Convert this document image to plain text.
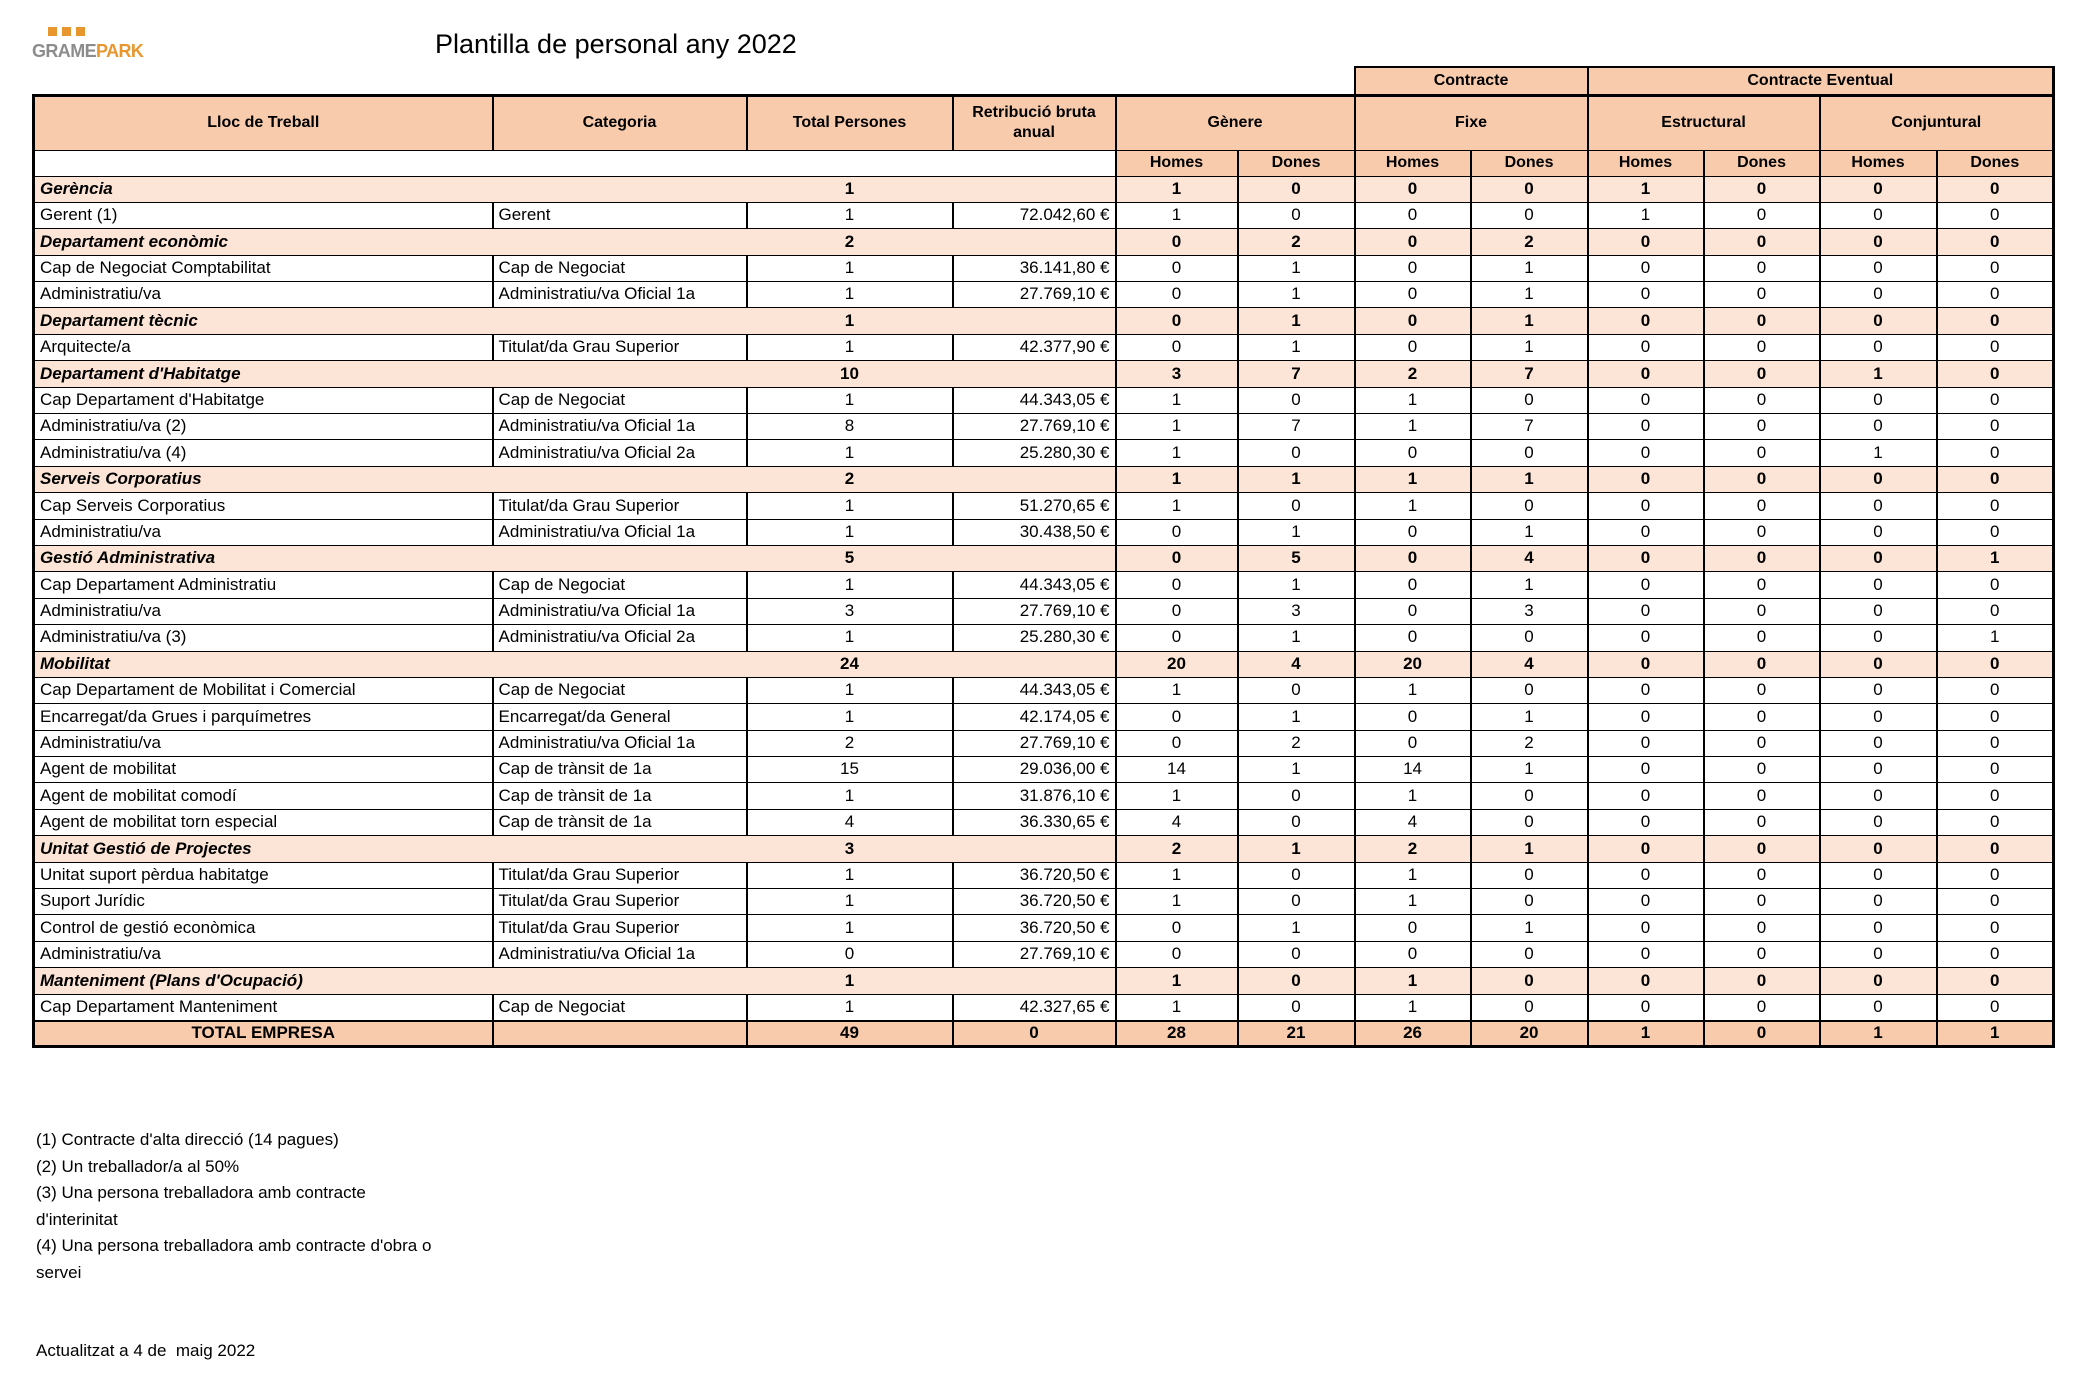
GRAMEPARK	Plantilla de personal any 2022
						Contracte		Contracte Eventual			
Lloc de Treball	Categoria	Total Persones	Retribució bruta anual	Gènere		Fixe		Estructural		Conjuntural	
				Homes	Dones	Homes	Dones	Homes	Dones	Homes	Dones
Gerència		1		1	0	0	0	1	0	0	0
Gerent (1)	Gerent	1	72.042,60 €	1	0	0	0	1	0	0	0
Departament econòmic		2		0	2	0	2	0	0	0	0
Cap de Negociat Comptabilitat	Cap de Negociat	1	36.141,80 €	0	1	0	1	0	0	0	0
Administratiu/va	Administratiu/va Oficial 1a	1	27.769,10 €	0	1	0	1	0	0	0	0
Departament tècnic		1		0	1	0	1	0	0	0	0
Arquitecte/a	Titulat/da Grau Superior	1	42.377,90 €	0	1	0	1	0	0	0	0
Departament d'Habitatge		10		3	7	2	7	0	0	1	0
Cap Departament d'Habitatge	Cap de Negociat	1	44.343,05 €	1	0	1	0	0	0	0	0
Administratiu/va (2)	Administratiu/va Oficial 1a	8	27.769,10 €	1	7	1	7	0	0	0	0
Administratiu/va (4)	Administratiu/va Oficial 2a	1	25.280,30 €	1	0	0	0	0	0	1	0
Serveis Corporatius		2		1	1	1	1	0	0	0	0
Cap Serveis Corporatius	Titulat/da Grau Superior	1	51.270,65 €	1	0	1	0	0	0	0	0
Administratiu/va	Administratiu/va Oficial 1a	1	30.438,50 €	0	1	0	1	0	0	0	0
Gestió Administrativa		5		0	5	0	4	0	0	0	1
Cap Departament Administratiu	Cap de Negociat	1	44.343,05 €	0	1	0	1	0	0	0	0
Administratiu/va	Administratiu/va Oficial 1a	3	27.769,10 €	0	3	0	3	0	0	0	0
Administratiu/va (3)	Administratiu/va Oficial 2a	1	25.280,30 €	0	1	0	0	0	0	0	1
Mobilitat		24		20	4	20	4	0	0	0	0
Cap Departament de Mobilitat i Comercial	Cap de Negociat	1	44.343,05 €	1	0	1	0	0	0	0	0
Encarregat/da Grues i parquímetres	Encarregat/da General	1	42.174,05 €	0	1	0	1	0	0	0	0
Administratiu/va	Administratiu/va Oficial 1a	2	27.769,10 €	0	2	0	2	0	0	0	0
Agent de mobilitat	Cap de trànsit de 1a	15	29.036,00 €	14	1	14	1	0	0	0	0
Agent de mobilitat comodí	Cap de trànsit de 1a	1	31.876,10 €	1	0	1	0	0	0	0	0
Agent de mobilitat torn especial	Cap de trànsit de 1a	4	36.330,65 €	4	0	4	0	0	0	0	0
Unitat Gestió de Projectes		3		2	1	2	1	0	0	0	0
Unitat suport pèrdua habitatge	Titulat/da Grau Superior	1	36.720,50 €	1	0	1	0	0	0	0	0
Suport Jurídic	Titulat/da Grau Superior	1	36.720,50 €	1	0	1	0	0	0	0	0
Control de gestió econòmica	Titulat/da Grau Superior	1	36.720,50 €	0	1	0	1	0	0	0	0
Administratiu/va	Administratiu/va Oficial 1a	0	27.769,10 €	0	0	0	0	0	0	0	0
Manteniment (Plans d'Ocupació)		1		1	0	1	0	0	0	0	0
Cap Departament Manteniment	Cap de Negociat	1	42.327,65 €	1	0	1	0	0	0	0	0
TOTAL EMPRESA		49	0	28	21	26	20	1	0	1	1
(1) Contracte d'alta direcció (14 pagues)
(2) Un treballador/a al 50%
(3) Una persona treballadora amb contracte
d'interinitat
(4) Una persona treballadora amb contracte d'obra o
servei
Actualitzat a 4 de  maig 2022
